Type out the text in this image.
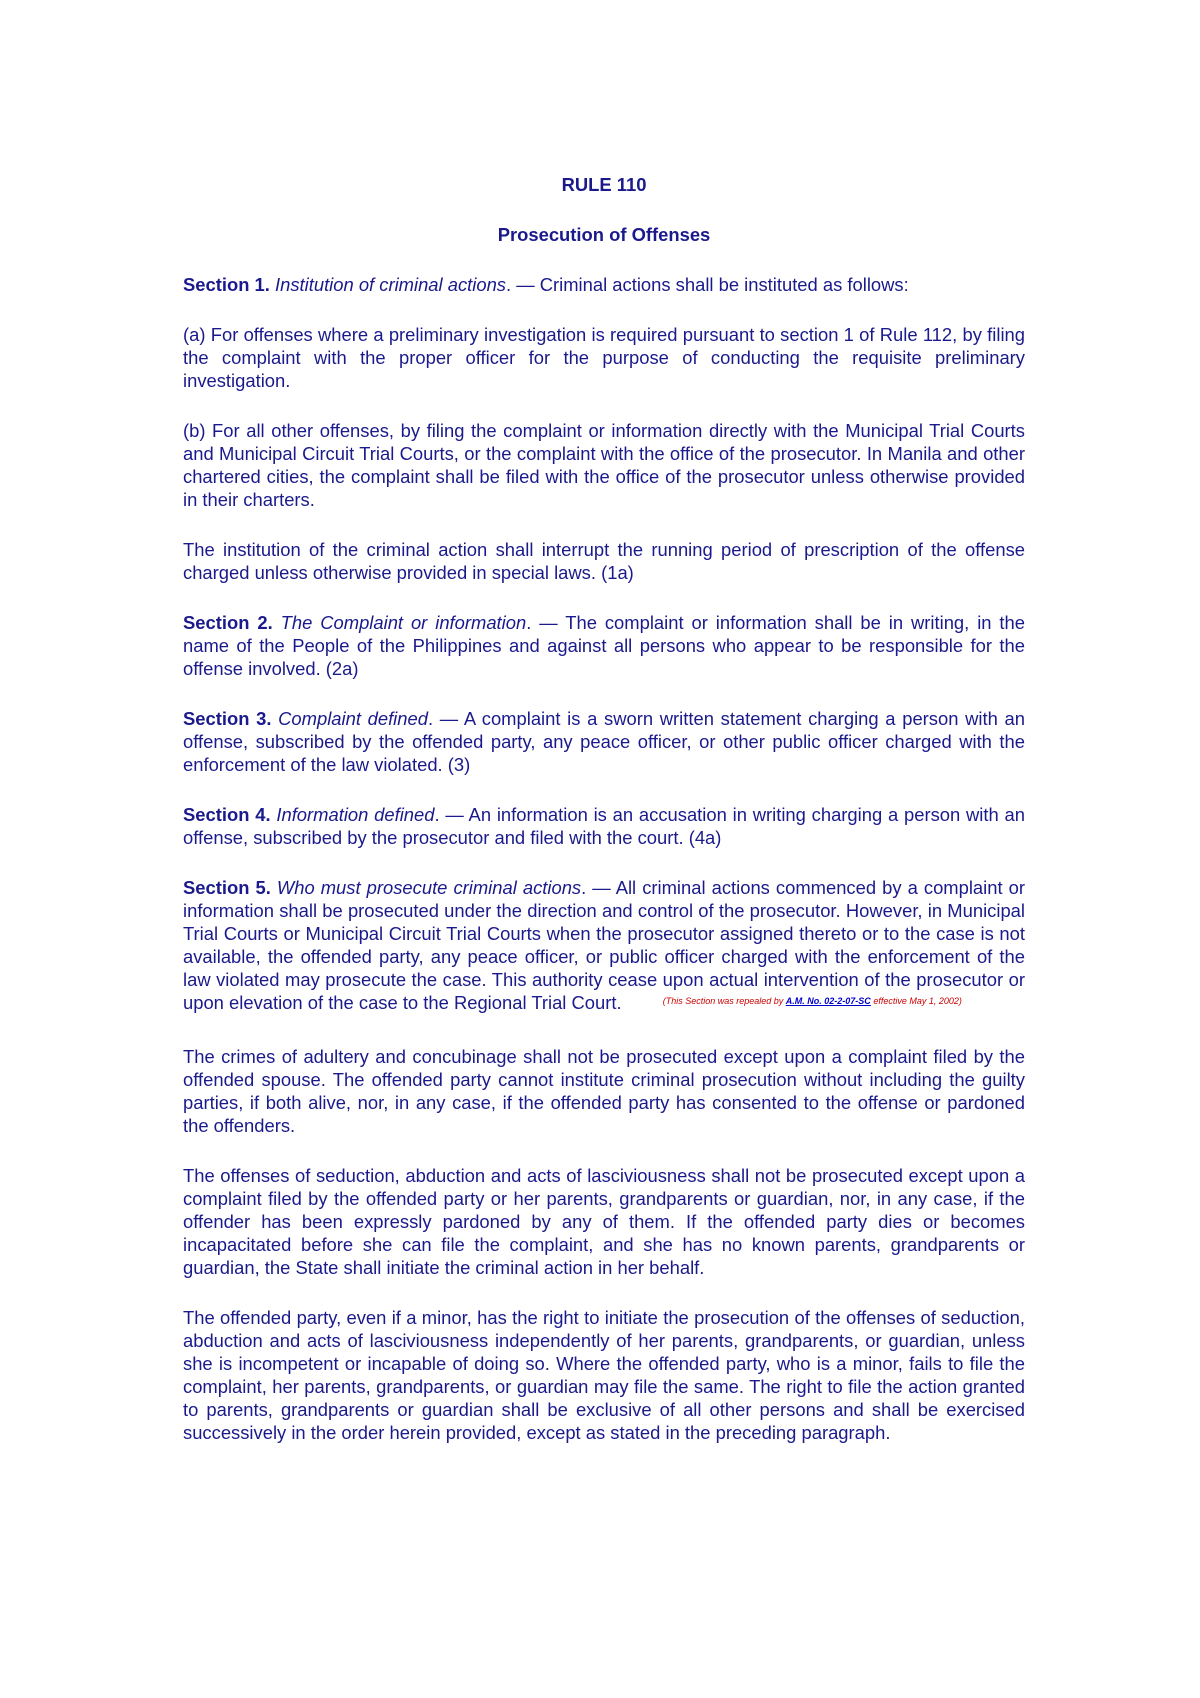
RULE 110

Prosecution of Offenses

Section 1. Institution of criminal actions. — Criminal actions shall be instituted as follows:

(a) For offenses where a preliminary investigation is required pursuant to section 1 of Rule 112, by filing the complaint with the proper officer for the purpose of conducting the requisite preliminary investigation.

(b) For all other offenses, by filing the complaint or information directly with the Municipal Trial Courts and Municipal Circuit Trial Courts, or the complaint with the office of the prosecutor. In Manila and other chartered cities, the complaint shall be filed with the office of the prosecutor unless otherwise provided in their charters.

The institution of the criminal action shall interrupt the running period of prescription of the offense charged unless otherwise provided in special laws. (1a)

Section 2. The Complaint or information. — The complaint or information shall be in writing, in the name of the People of the Philippines and against all persons who appear to be responsible for the offense involved. (2a)

Section 3. Complaint defined. — A complaint is a sworn written statement charging a person with an offense, subscribed by the offended party, any peace officer, or other public officer charged with the enforcement of the law violated. (3)

Section 4. Information defined. — An information is an accusation in writing charging a person with an offense, subscribed by the prosecutor and filed with the court. (4a)

Section 5. Who must prosecute criminal actions. — All criminal actions commenced by a complaint or information shall be prosecuted under the direction and control of the prosecutor. However, in Municipal Trial Courts or Municipal Circuit Trial Courts when the prosecutor assigned thereto or to the case is not available, the offended party, any peace officer, or public officer charged with the enforcement of the law violated may prosecute the case. This authority cease upon actual intervention of the prosecutor or upon elevation of the case to the Regional Trial Court.	$^{(This Section was repealed by A.M. No. 02-2-07-SC effective May 1, 2002)}$

The crimes of adultery and concubinage shall not be prosecuted except upon a complaint filed by the offended spouse. The offended party cannot institute criminal prosecution without including the guilty parties, if both alive, nor, in any case, if the offended party has consented to the offense or pardoned the offenders.

The offenses of seduction, abduction and acts of lasciviousness shall not be prosecuted except upon a complaint filed by the offended party or her parents, grandparents or guardian, nor, in any case, if the offender has been expressly pardoned by any of them. If the offended party dies or becomes incapacitated before she can file the complaint, and she has no known parents, grandparents or guardian, the State shall initiate the criminal action in her behalf.

The offended party, even if a minor, has the right to initiate the prosecution of the offenses of seduction, abduction and acts of lasciviousness independently of her parents, grandparents, or guardian, unless she is incompetent or incapable of doing so. Where the offended party, who is a minor, fails to file the complaint, her parents, grandparents, or guardian may file the same. The right to file the action granted to parents, grandparents or guardian shall be exclusive of all other persons and shall be exercised successively in the order herein provided, except as stated in the preceding paragraph.
